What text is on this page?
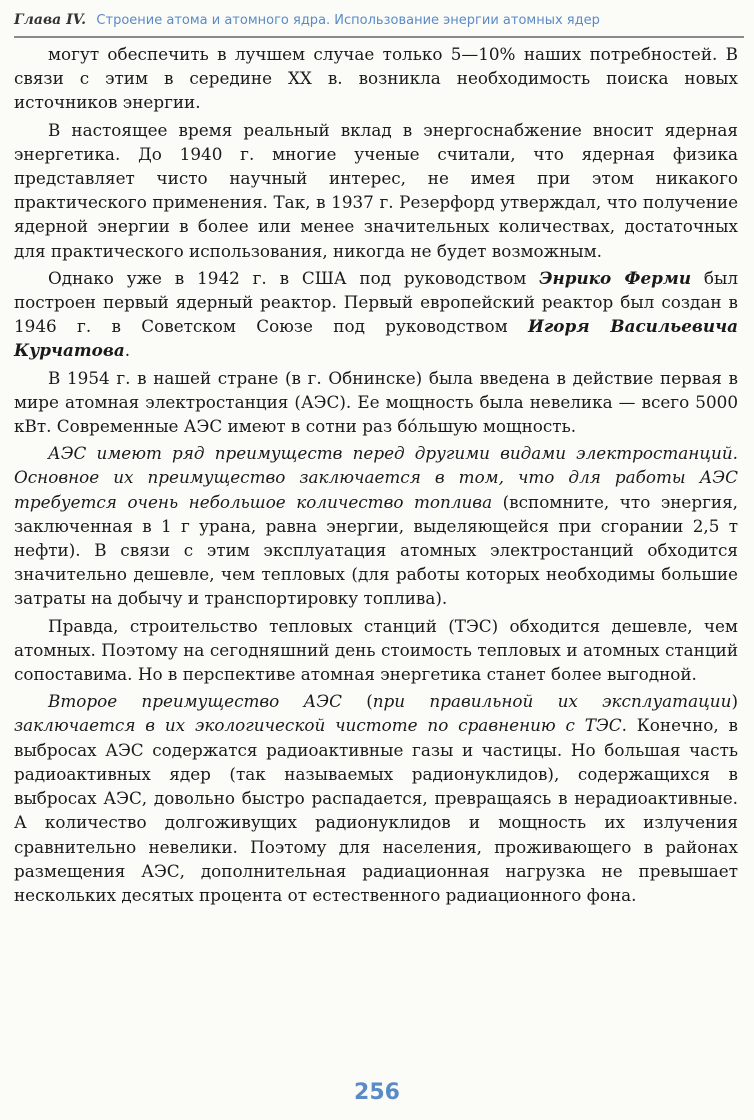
Глава IV. Строение атома и атомного ядра. Использование энергии атомных ядер

могут обеспечить в лучшем случае только 5—10% наших потребностей. В связи с этим в середине XX в. возникла необходимость поиска новых источников энергии.

В настоящее время реальный вклад в энергоснабжение вносит ядерная энергетика. До 1940 г. многие ученые считали, что ядерная физика представляет чисто научный интерес, не имея при этом никакого практического применения. Так, в 1937 г. Резерфорд утверждал, что получение ядерной энергии в более или менее значительных количествах, достаточных для практического использования, никогда не будет возможным.

Однако уже в 1942 г. в США под руководством Энрико Ферми был построен первый ядерный реактор. Первый европейский реактор был создан в 1946 г. в Советском Союзе под руководством Игоря Васильевича Курчатова.

В 1954 г. в нашей стране (в г. Обнинске) была введена в действие первая в мире атомная электростанция (АЭС). Ее мощность была невелика — всего 5000 кВт. Современные АЭС имеют в сотни раз бо́льшую мощность.

АЭС имеют ряд преимуществ перед другими видами электростанций. Основное их преимущество заключается в том, что для работы АЭС требуется очень небольшое количество топлива (вспомните, что энергия, заключенная в 1 г урана, равна энергии, выделяющейся при сгорании 2,5 т нефти). В связи с этим эксплуатация атомных электростанций обходится значительно дешевле, чем тепловых (для работы которых необходимы большие затраты на добычу и транспортировку топлива).

Правда, строительство тепловых станций (ТЭС) обходится дешевле, чем атомных. Поэтому на сегодняшний день стоимость тепловых и атомных станций сопоставима. Но в перспективе атомная энергетика станет более выгодной.

Второе преимущество АЭС (при правильной их эксплуатации) заключается в их экологической чистоте по сравнению с ТЭС. Конечно, в выбросах АЭС содержатся радиоактивные газы и частицы. Но большая часть радиоактивных ядер (так называемых радионуклидов), содержащихся в выбросах АЭС, довольно быстро распадается, превращаясь в нерадиоактивные. А количество долгоживущих радионуклидов и мощность их излучения сравнительно невелики. Поэтому для населения, проживающего в районах размещения АЭС, дополнительная радиационная нагрузка не превышает нескольких десятых процента от естественного радиационного фона.

256
